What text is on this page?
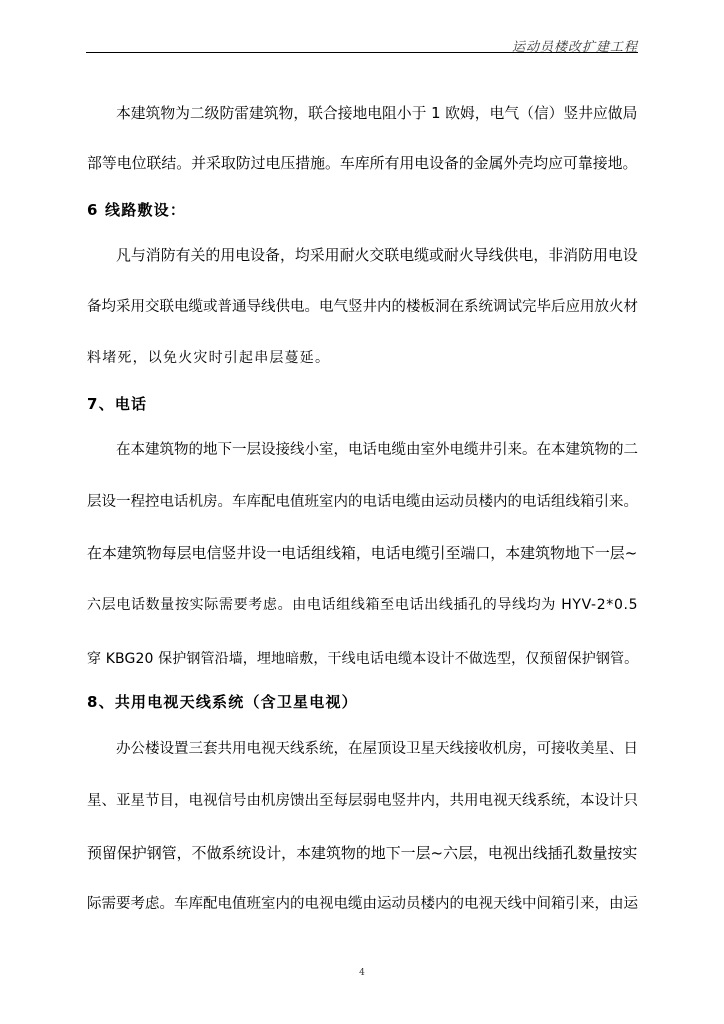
运动员楼改扩建工程
本建筑物为二级防雷建筑物，联合接地电阻小于 1 欧姆，电气（信）竖井应做局
部等电位联结。并采取防过电压措施。车库所有用电设备的金属外壳均应可靠接地。
6 线路敷设：
凡与消防有关的用电设备，均采用耐火交联电缆或耐火导线供电，非消防用电设
备均采用交联电缆或普通导线供电。电气竖井内的楼板洞在系统调试完毕后应用放火材
料堵死，以免火灾时引起串层蔓延。
7、电话
在本建筑物的地下一层设接线小室，电话电缆由室外电缆井引来。在本建筑物的二
层设一程控电话机房。车库配电值班室内的电话电缆由运动员楼内的电话组线箱引来。
在本建筑物每层电信竖井设一电话组线箱，电话电缆引至端口，本建筑物地下一层~
六层电话数量按实际需要考虑。由电话组线箱至电话出线插孔的导线均为 HYV-2*0.5
穿 KBG20 保护钢管沿墙，埋地暗敷，干线电话电缆本设计不做选型，仅预留保护钢管。
8、共用电视天线系统（含卫星电视）
办公楼设置三套共用电视天线系统，在屋顶设卫星天线接收机房，可接收美星、日
星、亚星节目，电视信号由机房馈出至每层弱电竖井内，共用电视天线系统，本设计只
预留保护钢管，不做系统设计，本建筑物的地下一层~六层，电视出线插孔数量按实
际需要考虑。车库配电值班室内的电视电缆由运动员楼内的电视天线中间箱引来，由运
4
